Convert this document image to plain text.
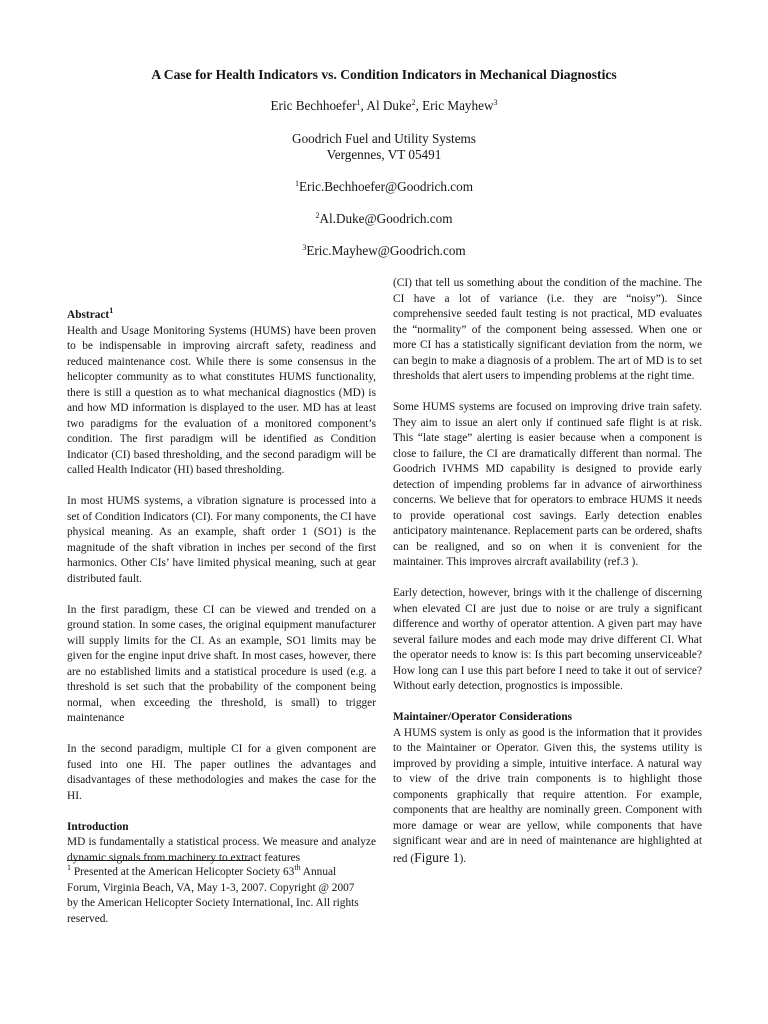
A Case for Health Indicators vs. Condition Indicators in Mechanical Diagnostics
Eric Bechhoefer$^1$, Al Duke$^2$, Eric Mayhew$^3$
Goodrich Fuel and Utility Systems
Vergennes, VT 05491
$^1$Eric.Bechhoefer@Goodrich.com
$^2$Al.Duke@Goodrich.com
$^3$Eric.Mayhew@Goodrich.com
Abstract$^1$

Health and Usage Monitoring Systems (HUMS) have been proven to be indispensable in improving aircraft safety, readiness and reduced maintenance cost. While there is some consensus in the helicopter community as to what constitutes HUMS functionality, there is still a question as to what mechanical diagnostics (MD) is and how MD information is displayed to the user. MD has at least two paradigms for the evaluation of a monitored component’s condition. The first paradigm will be identified as Condition Indicator (CI) based thresholding, and the second paradigm will be called Health Indicator (HI) based thresholding.

In most HUMS systems, a vibration signature is processed into a set of Condition Indicators (CI). For many components, the CI have physical meaning. As an example, shaft order 1 (SO1) is the magnitude of the shaft vibration in inches per second of the first harmonics. Other CIs’ have limited physical meaning, such at gear distributed fault.

In the first paradigm, these CI can be viewed and trended on a ground station. In some cases, the original equipment manufacturer will supply limits for the CI. As an example, SO1 limits may be given for the engine input drive shaft. In most cases, however, there are no established limits and a statistical procedure is used (e.g. a threshold is set such that the probability of the component being normal, when exceeding the threshold, is small) to trigger maintenance

In the second paradigm, multiple CI for a given component are fused into one HI. The paper outlines the advantages and disadvantages of these methodologies and makes the case for the HI.

Introduction

MD is fundamentally a statistical process. We measure and analyze dynamic signals from machinery to extract features

$^1$ Presented at the American Helicopter Society 63th Annual Forum, Virginia Beach, VA, May 1-3, 2007. Copyright @ 2007 by the American Helicopter Society International, Inc. All rights reserved.

(CI) that tell us something about the condition of the machine. The CI have a lot of variance (i.e. they are “noisy”). Since comprehensive seeded fault testing is not practical, MD evaluates the “normality” of the component being assessed. When one or more CI has a statistically significant deviation from the norm, we can begin to make a diagnosis of a problem. The art of MD is to set thresholds that alert users to impending problems at the right time.

Some HUMS systems are focused on improving drive train safety. They aim to issue an alert only if continued safe flight is at risk. This “late stage” alerting is easier because when a component is close to failure, the CI are dramatically different than normal. The Goodrich IVHMS MD capability is designed to provide early detection of impending problems far in advance of airworthiness concerns. We believe that for operators to embrace HUMS it needs to provide operational cost savings. Early detection enables anticipatory maintenance. Replacement parts can be ordered, shafts can be realigned, and so on when it is convenient for the maintainer. This improves aircraft availability (ref.3 ).

Early detection, however, brings with it the challenge of discerning when elevated CI are just due to noise or are truly a significant difference and worthy of operator attention. A given part may have several failure modes and each mode may drive different CI. What the operator needs to know is: Is this part becoming unserviceable? How long can I use this part before I need to take it out of service? Without early detection, prognostics is impossible.

Maintainer/Operator Considerations

A HUMS system is only as good is the information that it provides to the Maintainer or Operator. Given this, the systems utility is improved by providing a simple, intuitive interface. A natural way to view of the drive train components is to highlight those components graphically that require attention. For example, components that are healthy are nominally green. Component with more damage or wear are yellow, while components that have significant wear and are in need of maintenance are highlighted at red (Figure 1).
